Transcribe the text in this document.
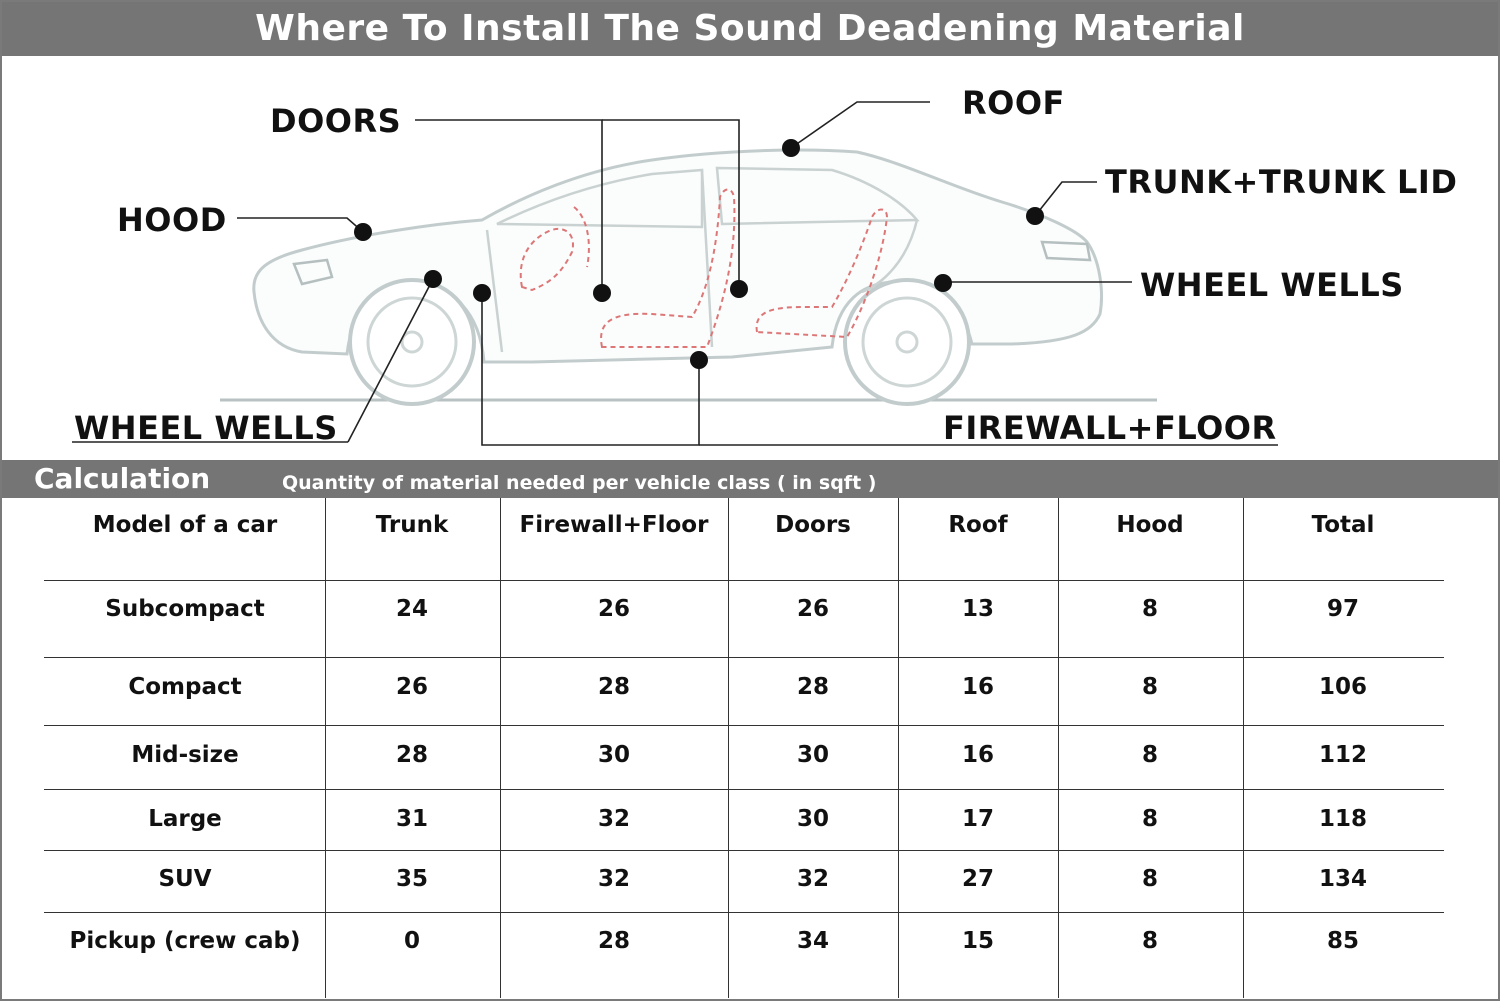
Where To Install The Sound Deadening Material
DOORS	ROOF
HOOD
TRUNK+TRUNK LID
WHEEL WELLS
WHEEL WELLS	FIREWALL+FLOOR
Calculation	Quantity of material needed per vehicle class ( in sqft )
Model of a car	Trunk	Firewall+Floor	Doors	Roof	Hood	Total
Subcompact	24	26	26	13	8	97
Compact	26	28	28	16	8	106
Mid-size	28	30	30	16	8	112
Large	31	32	30	17	8	118
SUV	35	32	32	27	8	134
Pickup (crew cab)	0	28	34	15	8	85
